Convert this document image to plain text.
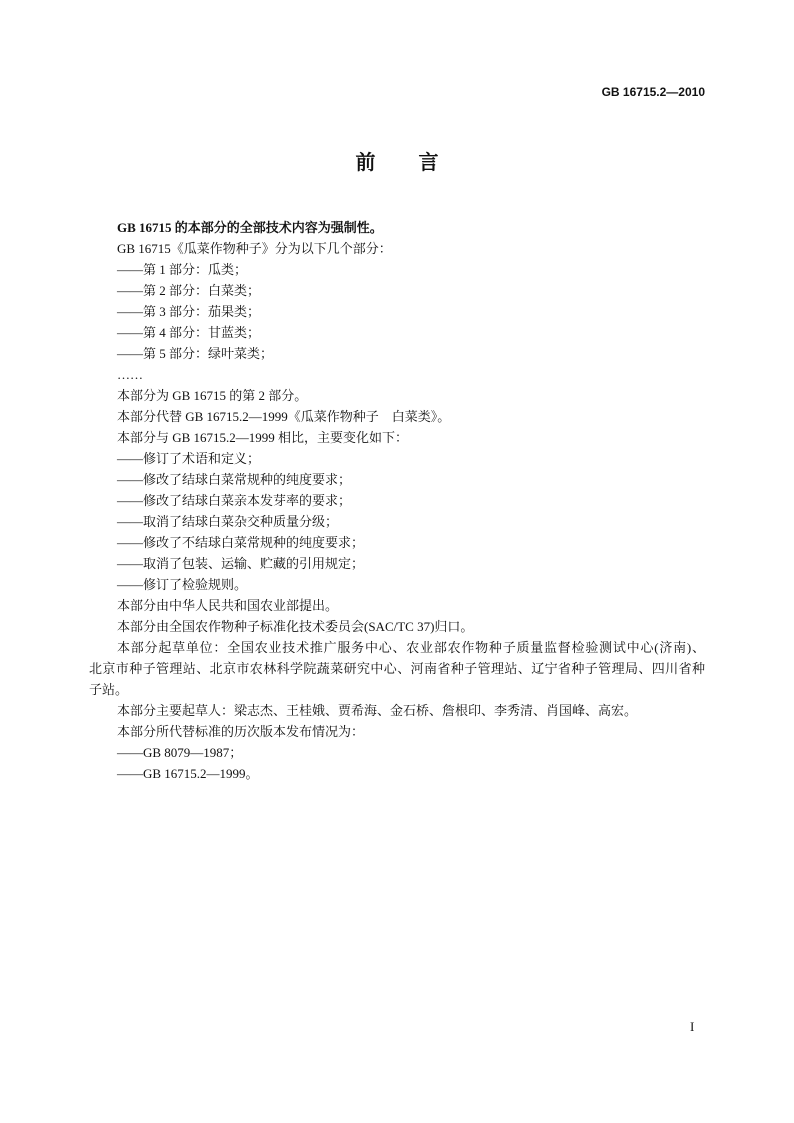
GB 16715.2—2010
前言
GB 16715 的本部分的全部技术内容为强制性。
GB 16715《瓜菜作物种子》分为以下几个部分：
——第 1 部分：瓜类；
——第 2 部分：白菜类；
——第 3 部分：茄果类；
——第 4 部分：甘蓝类；
——第 5 部分：绿叶菜类；
……
本部分为 GB 16715 的第 2 部分。
本部分代替 GB 16715.2—1999《瓜菜作物种子　白菜类》。
本部分与 GB 16715.2—1999 相比，主要变化如下：
——修订了术语和定义；
——修改了结球白菜常规种的纯度要求；
——修改了结球白菜亲本发芽率的要求；
——取消了结球白菜杂交种质量分级；
——修改了不结球白菜常规种的纯度要求；
——取消了包装、运输、贮藏的引用规定；
——修订了检验规则。
本部分由中华人民共和国农业部提出。
本部分由全国农作物种子标准化技术委员会(SAC/TC 37)归口。
本部分起草单位：全国农业技术推广服务中心、农业部农作物种子质量监督检验测试中心(济南)、
北京市种子管理站、北京市农林科学院蔬菜研究中心、河南省种子管理站、辽宁省种子管理局、四川省种
子站。
本部分主要起草人：梁志杰、王桂娥、贾希海、金石桥、詹根印、李秀清、肖国峰、高宏。
本部分所代替标准的历次版本发布情况为：
——GB 8079—1987；
——GB 16715.2—1999。
I
